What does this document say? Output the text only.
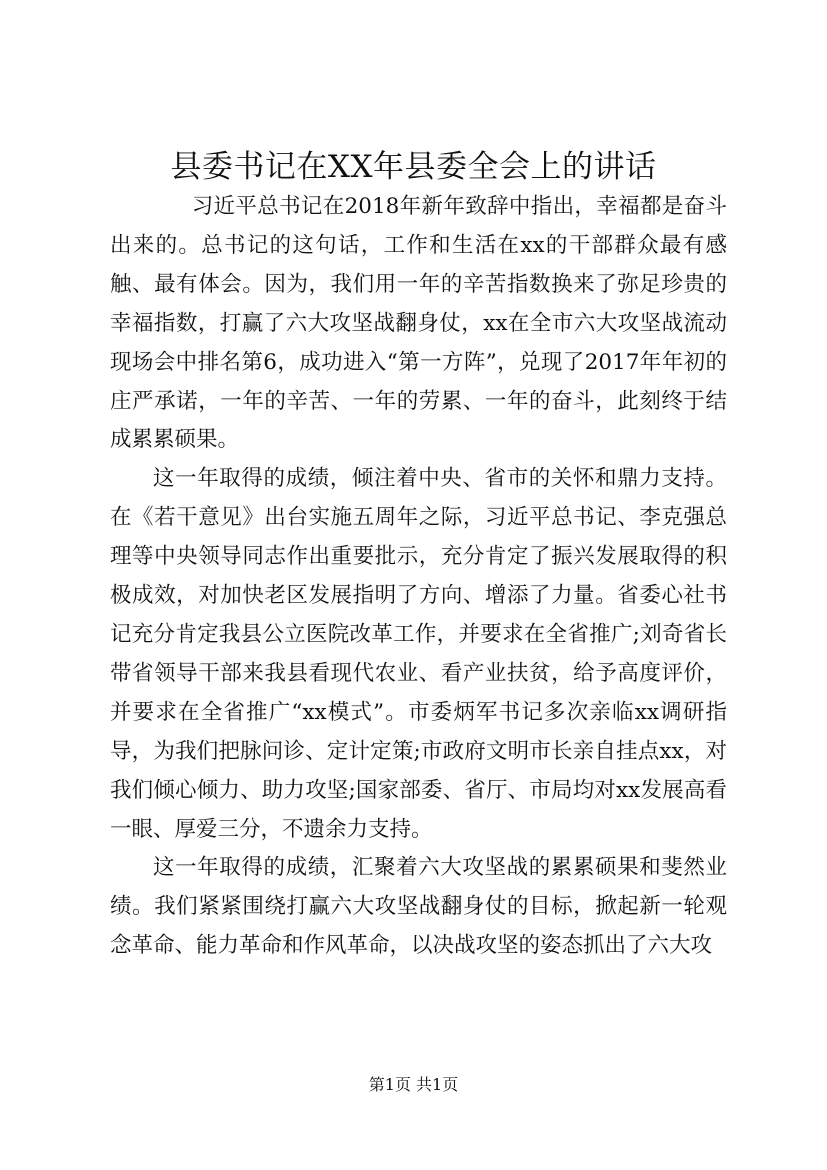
县委书记在XX年县委全会上的讲话

习近平总书记在2018年新年致辞中指出，幸福都是奋斗出来的。总书记的这句话，工作和生活在xx的干部群众最有感触、最有体会。因为，我们用一年的辛苦指数换来了弥足珍贵的幸福指数，打赢了六大攻坚战翻身仗，xx在全市六大攻坚战流动现场会中排名第6，成功进入“第一方阵”，兑现了2017年年初的庄严承诺，一年的辛苦、一年的劳累、一年的奋斗，此刻终于结成累累硕果。

这一年取得的成绩，倾注着中央、省市的关怀和鼎力支持。在《若干意见》出台实施五周年之际，习近平总书记、李克强总理等中央领导同志作出重要批示，充分肯定了振兴发展取得的积极成效，对加快老区发展指明了方向、增添了力量。省委心社书记充分肯定我县公立医院改革工作，并要求在全省推广;刘奇省长带省领导干部来我县看现代农业、看产业扶贫，给予高度评价，并要求在全省推广“xx模式”。市委炳军书记多次亲临xx调研指导，为我们把脉问诊、定计定策;市政府文明市长亲自挂点xx，对我们倾心倾力、助力攻坚;国家部委、省厅、市局均对xx发展高看一眼、厚爱三分，不遗余力支持。

这一年取得的成绩，汇聚着六大攻坚战的累累硕果和斐然业绩。我们紧紧围绕打赢六大攻坚战翻身仗的目标，掀起新一轮观念革命、能力革命和作风革命，以决战攻坚的姿态抓出了六大攻

第1页 共1页
